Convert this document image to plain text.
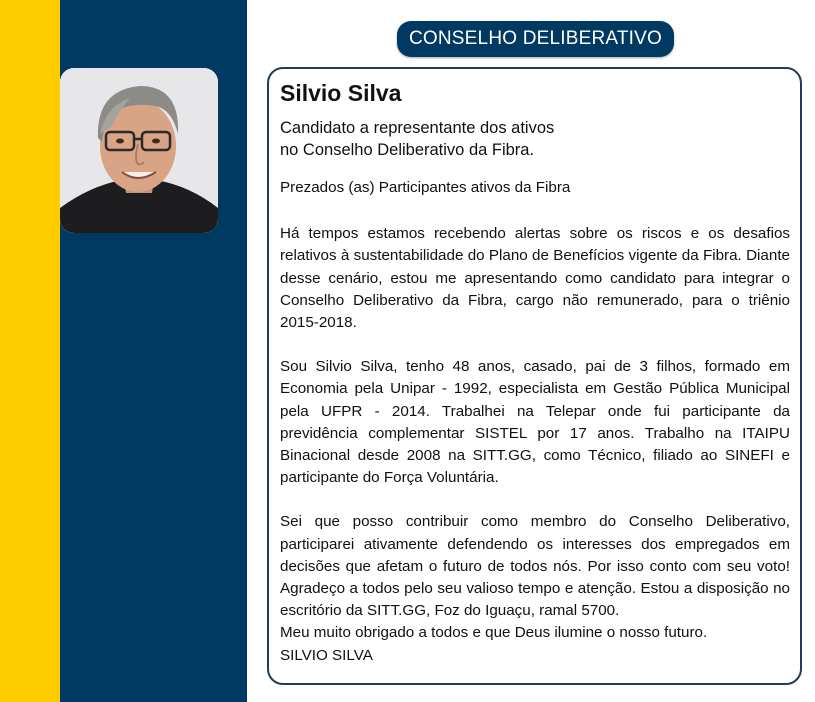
CONSELHO DELIBERATIVO
Silvio Silva
Candidato a representante dos ativos
no Conselho Deliberativo da Fibra.
Prezados (as) Participantes ativos da Fibra
Há tempos estamos recebendo alertas sobre os riscos e os desafios relativos à sustentabilidade do Plano de Benefícios vigente da Fibra. Diante desse cenário, estou me apresentando como candidato para integrar o Conselho Deliberativo da Fibra, cargo não remunerado, para o triênio 2015-2018.
Sou Silvio Silva, tenho 48 anos, casado, pai de 3 filhos, formado em Economia pela Unipar - 1992, especialista em Gestão Pública Municipal pela UFPR - 2014. Trabalhei na Telepar onde fui participante da previdência complementar SISTEL por 17 anos. Trabalho na ITAIPU Binacional desde 2008 na SITT.GG, como Técnico, filiado ao SINEFI e participante do Força Voluntária.
Sei que posso contribuir como membro do Conselho Deliberativo, participarei ativamente defendendo os interesses dos empregados em decisões que afetam o futuro de todos nós. Por isso conto com seu voto! Agradeço a todos pelo seu valioso tempo e atenção. Estou a disposição no escritório da SITT.GG, Foz do Iguaçu, ramal 5700.
Meu muito obrigado a todos e que Deus ilumine o nosso futuro.
SILVIO SILVA
